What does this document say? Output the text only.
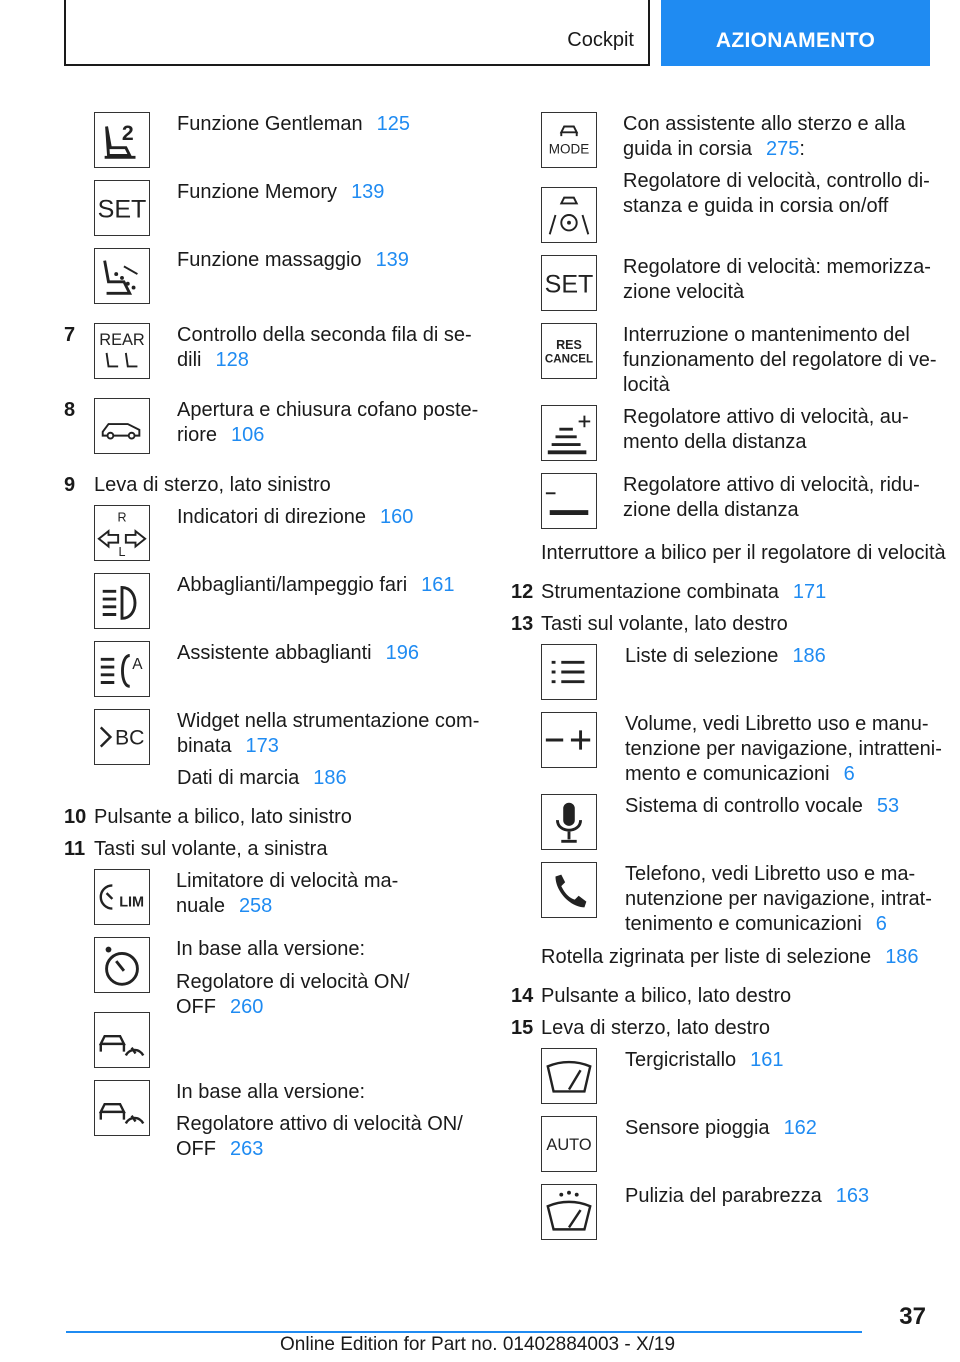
Cockpit	AZIONAMENTO
2 Funzione Gentleman 125
SET
Funzione Memory 139
Funzione massaggio 139
7 REAR Controllo della seconda fila di se-
dili 128
8	Apertura e chiusura cofano poste-
riore 106
9 Leva di sterzo, lato sinistro
R
L
Indicatori di direzione 160
Abbaglianti/lampeggio fari 161
A
Assistente abbaglianti 196
BC
Widget nella strumentazione com-
binata 173
Dati di marcia 186
10 Pulsante a bilico, lato sinistro
11 Tasti sul volante, a sinistra
LIM
Limitatore di velocità ma-
nuale 258
In base alla versione:
Regolatore di velocità ON/
OFF 260
In base alla versione:
Regolatore attivo di velocità ON/
OFF 263
MODE
Con assistente allo sterzo e alla
guida in corsia 275:
Regolatore di velocità, controllo di-
stanza e guida in corsia on/off
SET
Regolatore di velocità: memorizza-
zione velocità
RES
CANCEL
Interruzione o mantenimento del
funzionamento del regolatore di ve-
locità
Regolatore attivo di velocità, au-
mento della distanza
Regolatore attivo di velocità, ridu-
zione della distanza
Interruttore a bilico per il regolatore di velocità
12 Strumentazione combinata 171
13 Tasti sul volante, lato destro
Liste di selezione 186
Volume, vedi Libretto uso e manu-
tenzione per navigazione, intratteni-
mento e comunicazioni 6
Sistema di controllo vocale 53
Telefono, vedi Libretto uso e ma-
nutenzione per navigazione, intrat-
tenimento e comunicazioni 6
Rotella zigrinata per liste di selezione 186
14 Pulsante a bilico, lato destro
15 Leva di sterzo, lato destro
Tergicristallo 161
AUTO
Sensore pioggia 162
Pulizia del parabrezza 163
37
Online Edition for Part no. 01402884003 - X/19
